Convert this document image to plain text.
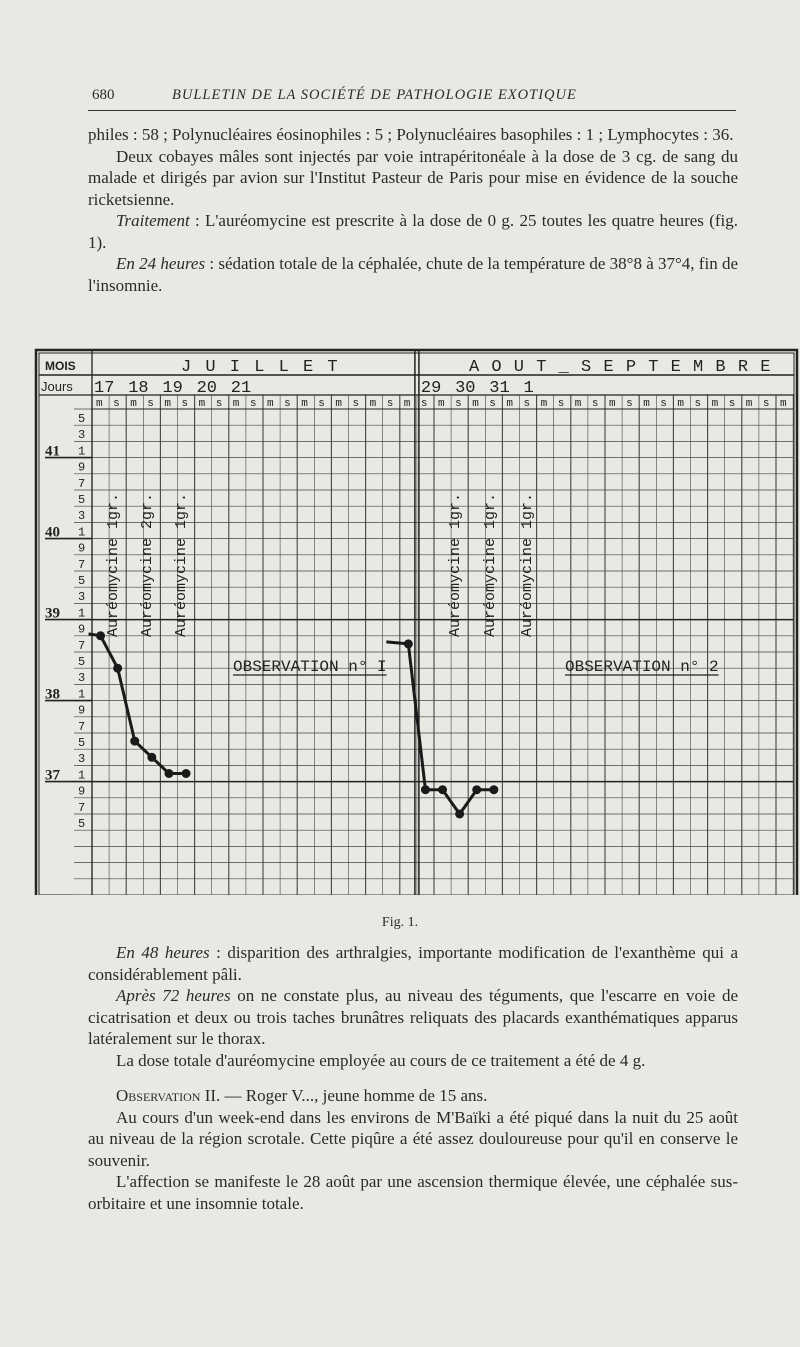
680	BULLETIN DE LA SOCIÉTÉ DE PATHOLOGIE EXOTIQUE

philes : 58 ; Polynucléaires éosinophiles : 5 ; Polynucléaires basophiles : 1 ; Lymphocytes : 36.

Deux cobayes mâles sont injectés par voie intrapéritonéale à la dose de 3 cg. de sang du malade et dirigés par avion sur l'Institut Pasteur de Paris pour mise en évidence de la souche ricketsienne.

Traitement : L'auréomycine est prescrite à la dose de 0 g. 25 toutes les quatre heures (fig. 1).

En 24 heures : sédation totale de la céphalée, chute de la température de 38°8 à 37°4, fin de l'insomnie.

MOIS	J U I L L E T	A O U T _ S E P T E M B R E
Jours 17 18 19 20 21	29 30 31 1
m s m s m s m s m s m s m s m s m s m s m s m s m s m s m s m s m s m s m s m s m
5
3
1
9
7
5
3
1
9
7
5
3
1
9
7
5
3
1
9
7
5
3
1
9
7
5
41
40
39
38
37
Auréomycine 1gr. Auréomycine 2gr. Auréomycine 1gr.	Auréomycine 1gr. Auréomycine 1gr. Auréomycine 1gr.
OBSERVATION n° I	OBSERVATION n° 2
Fig. 1.

En 48 heures : disparition des arthralgies, importante modification de l'exanthème qui a considérablement pâli.

Après 72 heures on ne constate plus, au niveau des téguments, que l'escarre en voie de cicatrisation et deux ou trois taches brunâtres reliquats des placards exanthématiques apparus latéralement sur le thorax.

La dose totale d'auréomycine employée au cours de ce traitement a été de 4 g.

Observation II. — Roger V..., jeune homme de 15 ans.

Au cours d'un week-end dans les environs de M'Baïki a été piqué dans la nuit du 25 août au niveau de la région scrotale. Cette piqûre a été assez douloureuse pour qu'il en conserve le souvenir.

L'affection se manifeste le 28 août par une ascension thermique élevée, une céphalée sus-orbitaire et une insomnie totale.
